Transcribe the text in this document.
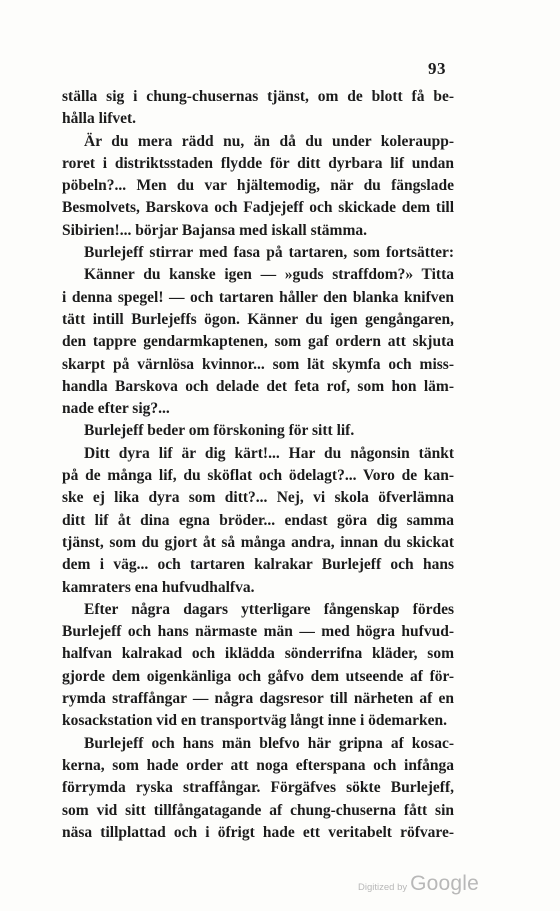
93
ställa sig i chung-chusernas tjänst, om de blott få be-
hålla lifvet.
Är du mera rädd nu, än då du under koleraupp-
roret i distriktsstaden flydde för ditt dyrbara lif undan
pöbeln?... Men du var hjältemodig, när du fängslade
Besmolvets, Barskova och Fadjejeff och skickade dem till
Sibirien!... börjar Bajansa med iskall stämma.
Burlejeff stirrar med fasa på tartaren, som fortsätter:
Känner du kanske igen — »guds straffdom?» Titta
i denna spegel! — och tartaren håller den blanka knifven
tätt intill Burlejeffs ögon. Känner du igen gengångaren,
den tappre gendarmkaptenen, som gaf ordern att skjuta
skarpt på värnlösa kvinnor... som lät skymfa och miss-
handla Barskova och delade det feta rof, som hon läm-
nade efter sig?...
Burlejeff beder om förskoning för sitt lif.
Ditt dyra lif är dig kärt!... Har du någonsin tänkt
på de många lif, du sköflat och ödelagt?... Voro de kan-
ske ej lika dyra som ditt?... Nej, vi skola öfverlämna
ditt lif åt dina egna bröder... endast göra dig samma
tjänst, som du gjort åt så många andra, innan du skickat
dem i väg... och tartaren kalrakar Burlejeff och hans
kamraters ena hufvudhalfva.
Efter några dagars ytterligare fångenskap fördes
Burlejeff och hans närmaste män — med högra hufvud-
halfvan kalrakad och iklädda sönderrifna kläder, som
gjorde dem oigenkänliga och gåfvo dem utseende af för-
rymda straffångar — några dagsresor till närheten af en
kosackstation vid en transportväg långt inne i ödemarken.
Burlejeff och hans män blefvo här gripna af kosac-
kerna, som hade order att noga efterspana och infånga
förrymda ryska straffångar. Förgäfves sökte Burlejeff,
som vid sitt tillfångatagande af chung-chuserna fått sin
näsa tillplattad och i öfrigt hade ett veritabelt röfvare-
Digitized by Google
